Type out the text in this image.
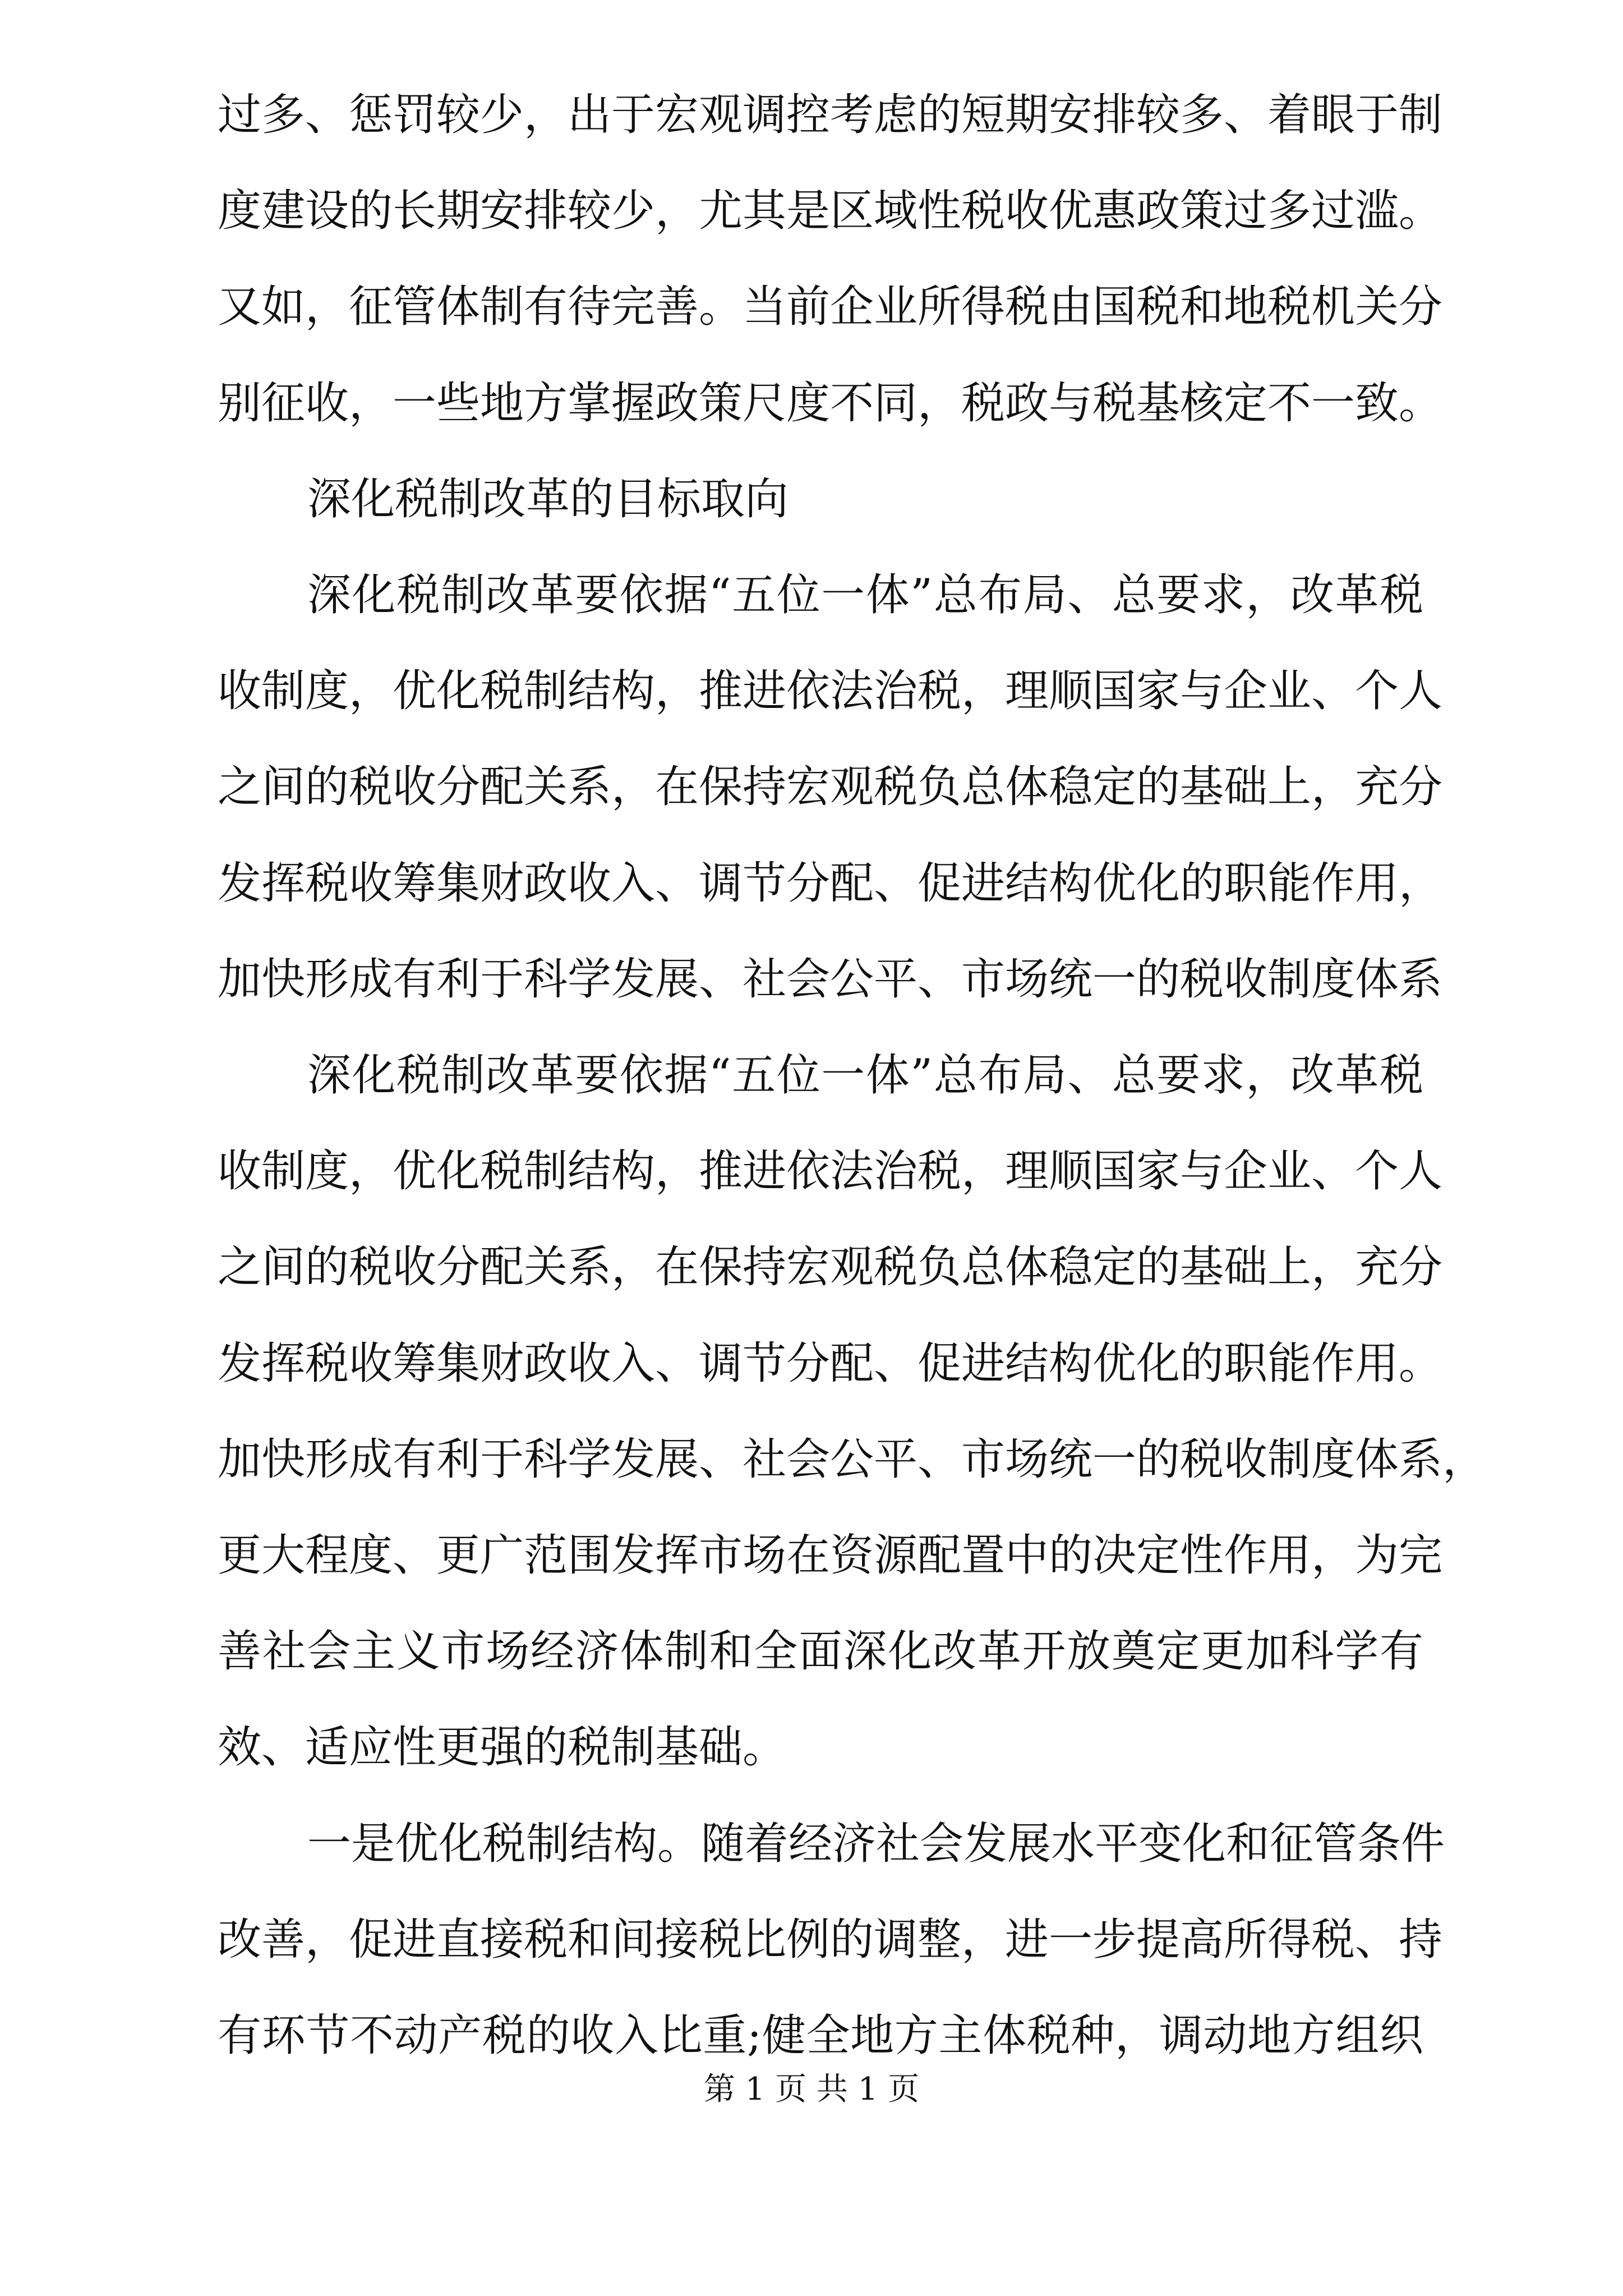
过多、惩罚较少，出于宏观调控考虑的短期安排较多、着眼于制
度建设的长期安排较少，尤其是区域性税收优惠政策过多过滥。
又如，征管体制有待完善。当前企业所得税由国税和地税机关分
别征收，一些地方掌握政策尺度不同，税政与税基核定不一致。
深化税制改革的目标取向
深化税制改革要依据“五位一体”总布局、总要求，改革税
收制度，优化税制结构，推进依法治税，理顺国家与企业、个人
之间的税收分配关系，在保持宏观税负总体稳定的基础上，充分
发挥税收筹集财政收入、调节分配、促进结构优化的职能作用，
加快形成有利于科学发展、社会公平、市场统一的税收制度体系
深化税制改革要依据“五位一体”总布局、总要求，改革税
收制度，优化税制结构，推进依法治税，理顺国家与企业、个人
之间的税收分配关系，在保持宏观税负总体稳定的基础上，充分
发挥税收筹集财政收入、调节分配、促进结构优化的职能作用。
加快形成有利于科学发展、社会公平、市场统一的税收制度体系，
更大程度、更广范围发挥市场在资源配置中的决定性作用，为完
善社会主义市场经济体制和全面深化改革开放奠定更加科学有
效、适应性更强的税制基础。
一是优化税制结构。随着经济社会发展水平变化和征管条件
改善，促进直接税和间接税比例的调整，进一步提高所得税、持
有环节不动产税的收入比重;健全地方主体税种，调动地方组织
第 1 页 共 1 页
